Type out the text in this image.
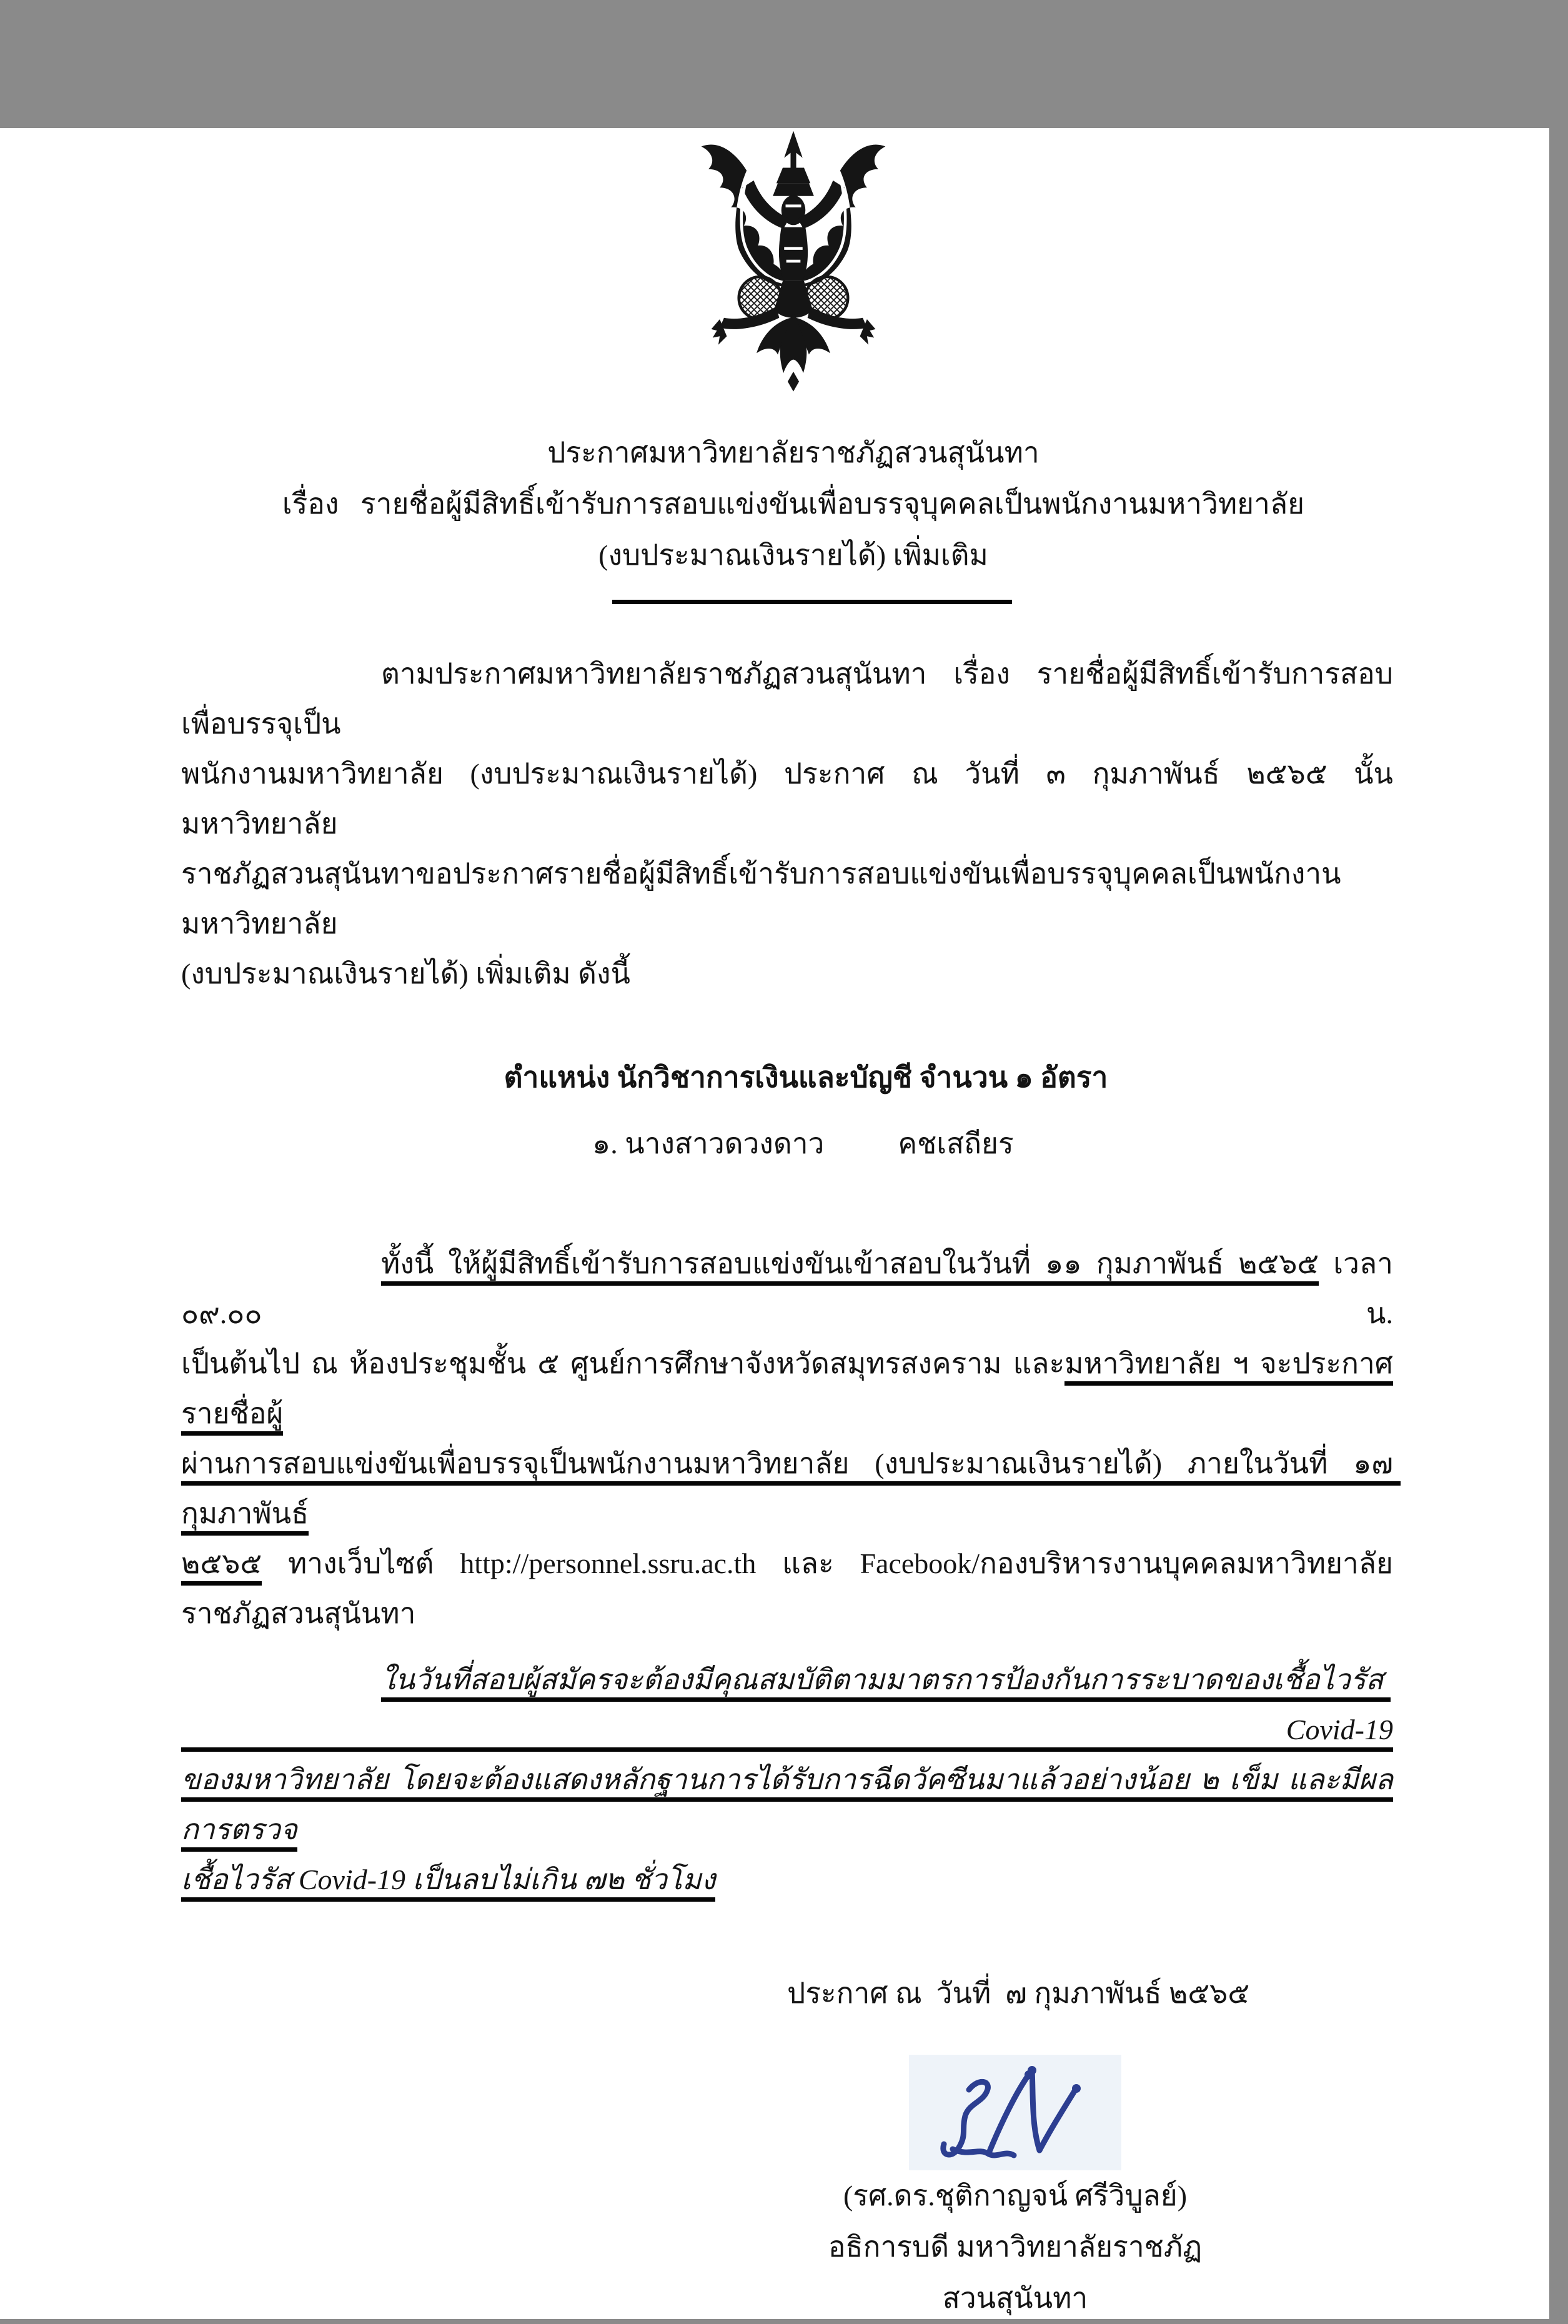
ประกาศมหาวิทยาลัยราชภัฏสวนสุนันทา
เรื่อง   รายชื่อผู้มีสิทธิ์เข้ารับการสอบแข่งขันเพื่อบรรจุบุคคลเป็นพนักงานมหาวิทยาลัย
(งบประมาณเงินรายได้) เพิ่มเติม
ตามประกาศมหาวิทยาลัยราชภัฏสวนสุนันทา เรื่อง รายชื่อผู้มีสิทธิ์เข้ารับการสอบเพื่อบรรจุเป็น
พนักงานมหาวิทยาลัย (งบประมาณเงินรายได้) ประกาศ ณ วันที่ ๓ กุมภาพันธ์ ๒๕๖๕ นั้น มหาวิทยาลัย
ราชภัฏสวนสุนันทาขอประกาศรายชื่อผู้มีสิทธิ์เข้ารับการสอบแข่งขันเพื่อบรรจุบุคคลเป็นพนักงานมหาวิทยาลัย
(งบประมาณเงินรายได้) เพิ่มเติม ดังนี้
ตำแหน่ง นักวิชาการเงินและบัญชี จำนวน ๑ อัตรา
๑. นางสาวดวงดาว	คชเสถียร
ทั้งนี้ ให้ผู้มีสิทธิ์เข้ารับการสอบแข่งขันเข้าสอบในวันที่ ๑๑ กุมภาพันธ์ ๒๕๖๕ เวลา ๐๙.๐๐ น.
เป็นต้นไป ณ ห้องประชุมชั้น ๕ ศูนย์การศึกษาจังหวัดสมุทรสงคราม และมหาวิทยาลัย ฯ จะประกาศรายชื่อผู้
ผ่านการสอบแข่งขันเพื่อบรรจุเป็นพนักงานมหาวิทยาลัย (งบประมาณเงินรายได้) ภายในวันที่ ๑๗ กุมภาพันธ์
๒๕๖๕ ทางเว็บไซต์ http://personnel.ssru.ac.th และ Facebook/กองบริหารงานบุคคลมหาวิทยาลัย
ราชภัฏสวนสุนันทา
ในวันที่สอบผู้สมัครจะต้องมีคุณสมบัติตามมาตรการป้องกันการระบาดของเชื้อไวรัส   Covid-19
ของมหาวิทยาลัย โดยจะต้องแสดงหลักฐานการได้รับการฉีดวัคซีนมาแล้วอย่างน้อย ๒ เข็ม และมีผลการตรวจ
เชื้อไวรัส Covid-19 เป็นลบไม่เกิน ๗๒ ชั่วโมง
ประกาศ ณ  วันที่  ๗ กุมภาพันธ์ ๒๕๖๕
(รศ.ดร.ชุติกาญจน์ ศรีวิบูลย์)
อธิการบดี มหาวิทยาลัยราชภัฏสวนสุนันทา
